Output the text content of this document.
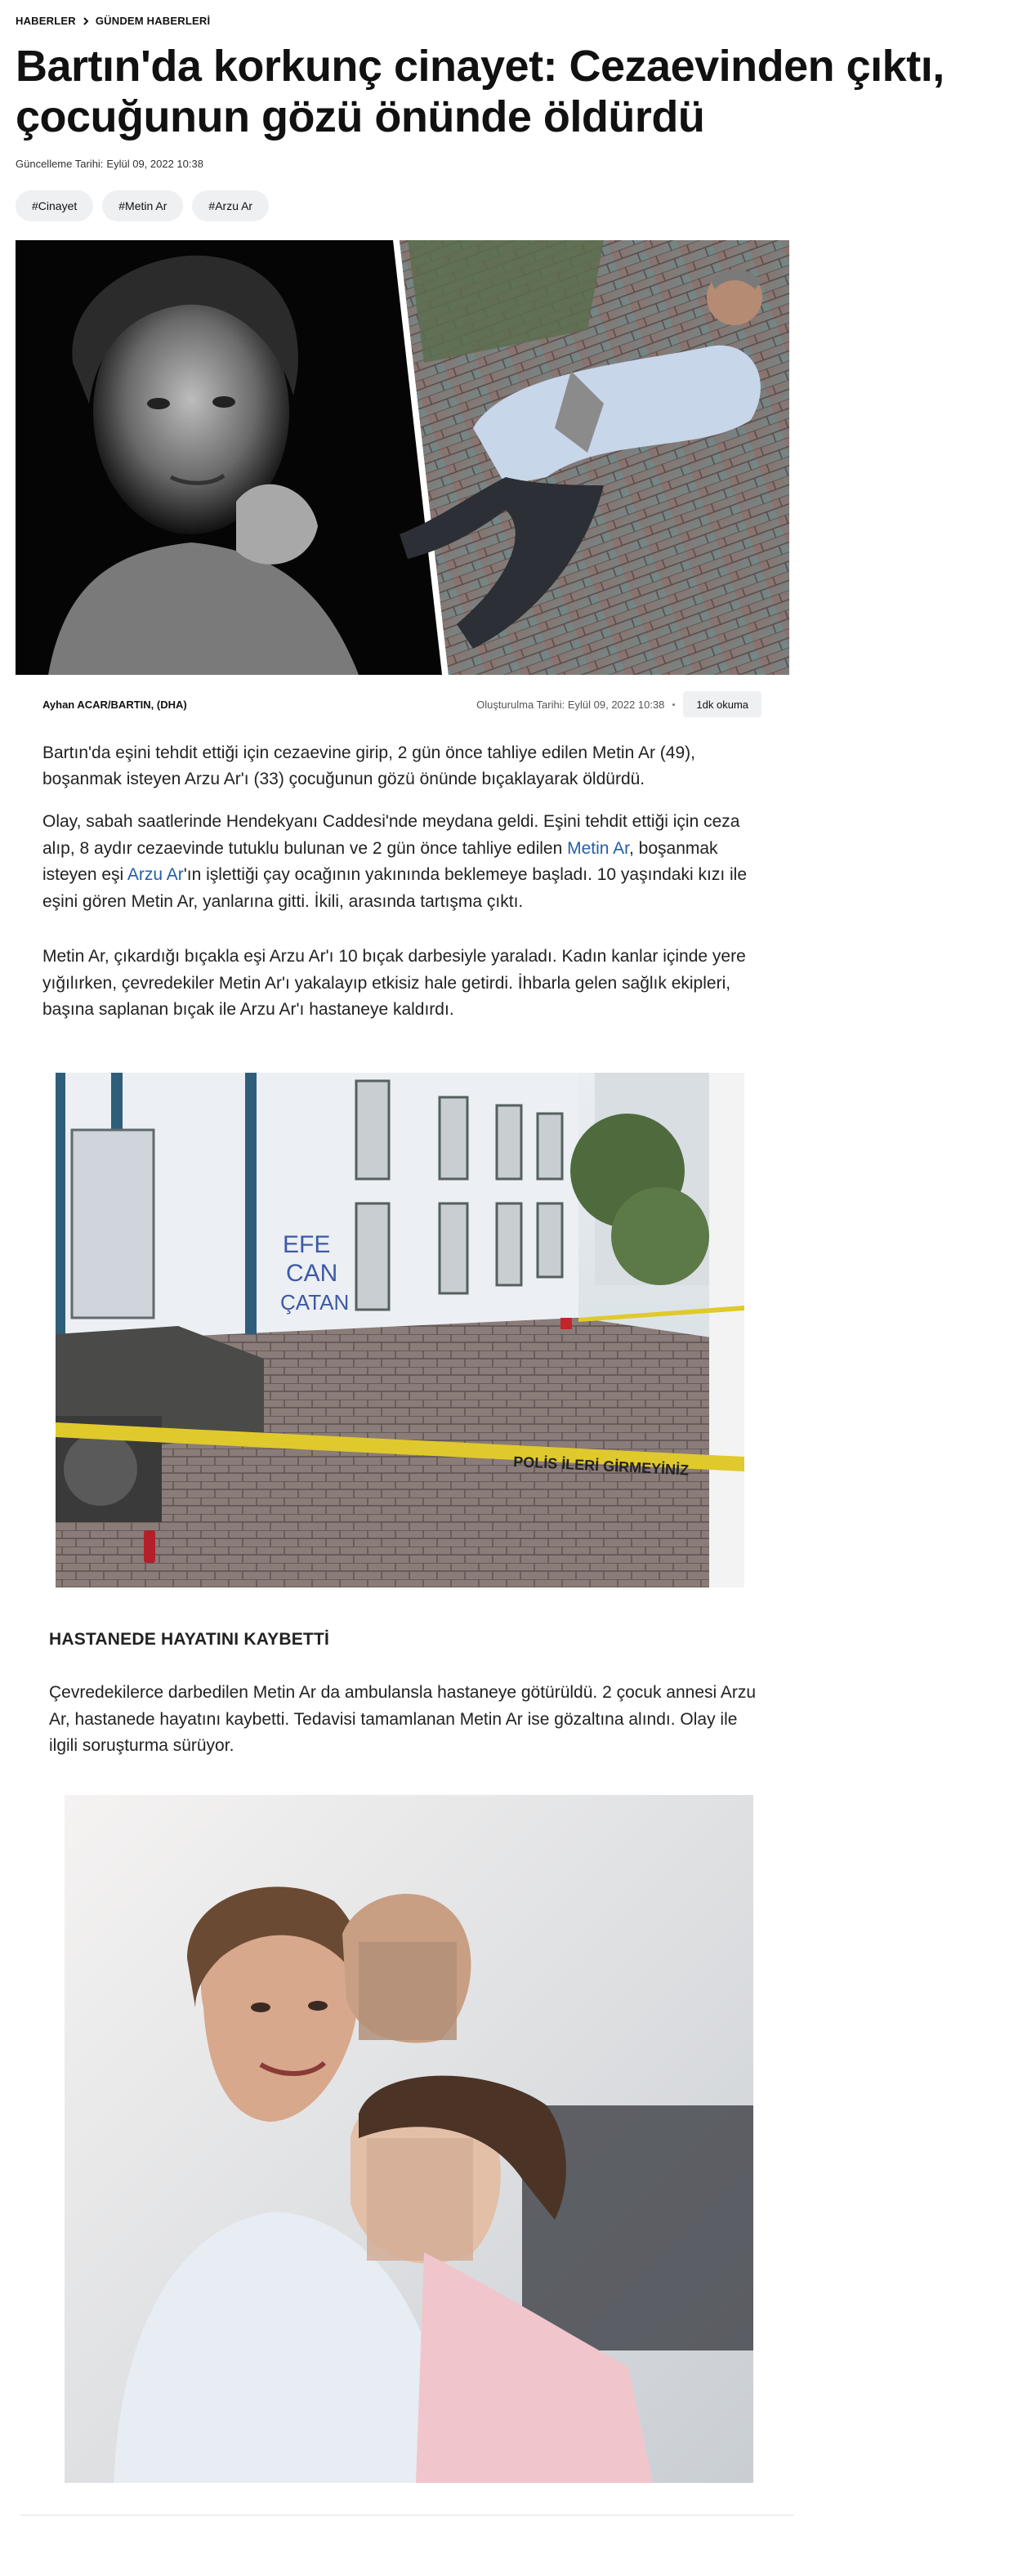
HABERLER GÜNDEM HABERLERİ
Bartın'da korkunç cinayet: Cezaevinden çıktı, çocuğunun gözü önünde öldürdü
Güncelleme Tarihi: Eylül 09, 2022 10:38
#Cinayet	#Metin Ar	#Arzu Ar
Ayhan ACAR/BARTIN, (DHA)	Oluşturulma Tarihi: Eylül 09, 2022 10:38	1dk okuma

Bartın'da eşini tehdit ettiği için cezaevine girip, 2 gün önce tahliye edilen Metin Ar (49), boşanmak isteyen Arzu Ar'ı (33) çocuğunun gözü önünde bıçaklayarak öldürdü.

Olay, sabah saatlerinde Hendekyanı Caddesi'nde meydana geldi. Eşini tehdit ettiği için ceza alıp, 8 aydır cezaevinde tutuklu bulunan ve 2 gün önce tahliye edilen Metin Ar, boşanmak isteyen eşi Arzu Ar'ın işlettiği çay ocağının yakınında beklemeye başladı. 10 yaşındaki kızı ile eşini gören Metin Ar, yanlarına gitti. İkili, arasında tartışma çıktı.

Metin Ar, çıkardığı bıçakla eşi Arzu Ar'ı 10 bıçak darbesiyle yaraladı. Kadın kanlar içinde yere yığılırken, çevredekiler Metin Ar'ı yakalayıp etkisiz hale getirdi. İhbarla gelen sağlık ekipleri, başına saplanan bıçak ile Arzu Ar'ı hastaneye kaldırdı.

EFE
CAN
ÇATAN
POLİS İLERİ GİRMEYİNİZ
HASTANEDE HAYATINI KAYBETTİ

Çevredekilerce darbedilen Metin Ar da ambulansla hastaneye götürüldü. 2 çocuk annesi Arzu Ar, hastanede hayatını kaybetti. Tedavisi tamamlanan Metin Ar ise gözaltına alındı. Olay ile ilgili soruşturma sürüyor.
